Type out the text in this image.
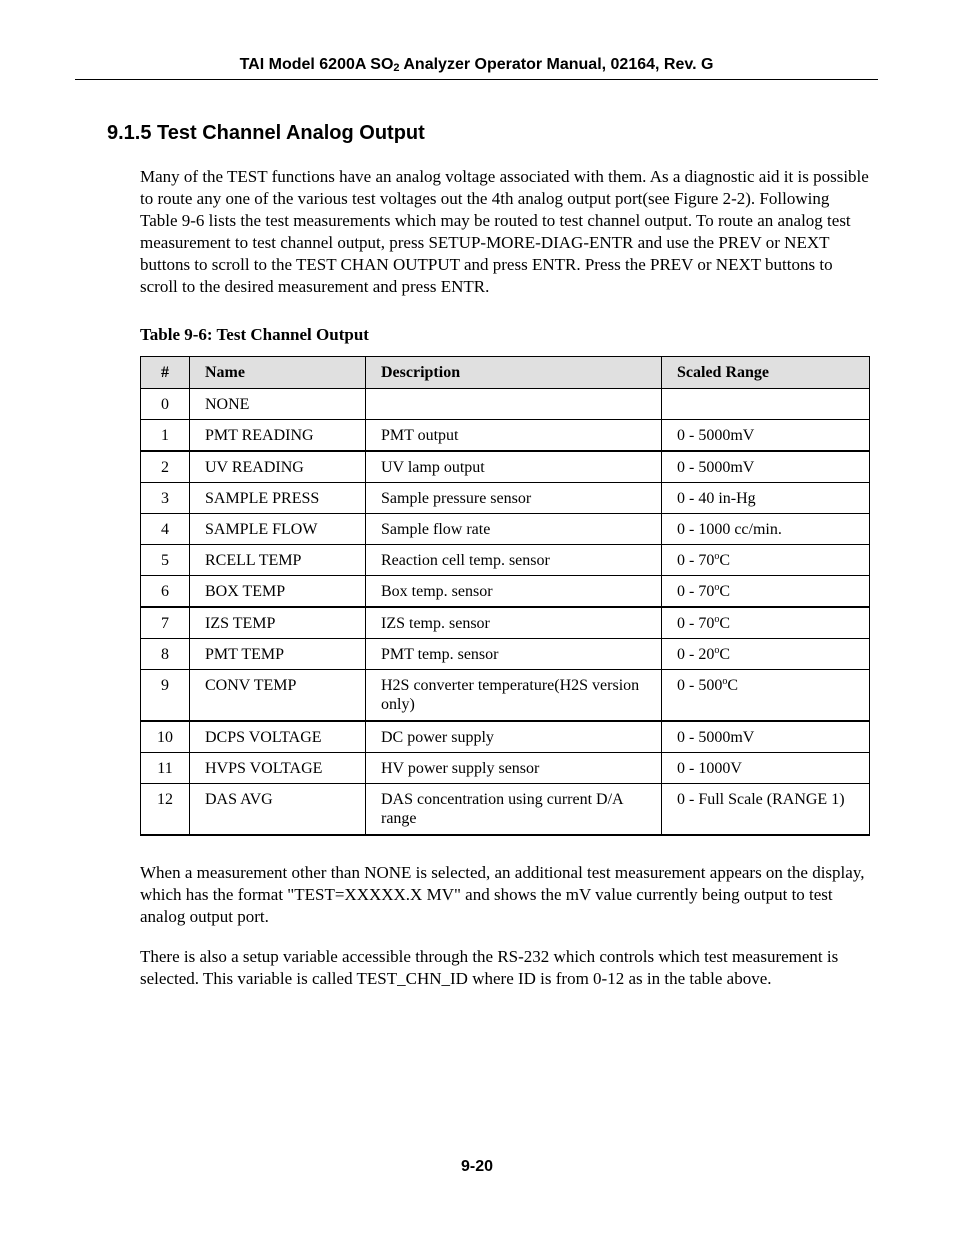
TAI Model 6200A $SO_2$ Analyzer Operator Manual, 02164, Rev. G
9.1.5 Test Channel Analog Output

Many of the TEST functions have an analog voltage associated with them. As a diagnostic aid it is possible to route any one of the various test voltages out the 4th analog output port(see Figure 2-2). Following Table 9-6 lists the test measurements which may be routed to test channel output. To route an analog test measurement to test channel output, press SETUP-MORE-DIAG-ENTR and use the PREV or NEXT buttons to scroll to the TEST CHAN OUTPUT and press ENTR. Press the PREV or NEXT buttons to scroll to the desired measurement and press ENTR.

Table 9-6: Test Channel Output
#	Name	Description	Scaled Range
0	NONE		
1	PMT READING	PMT output	0 - 5000mV
2	UV READING	UV lamp output	0 - 5000mV
3	SAMPLE PRESS	Sample pressure sensor	0 - 40 in-Hg
4	SAMPLE FLOW	Sample flow rate	0 - 1000 cc/min.
5	RCELL TEMP	Reaction cell temp. sensor	0 - 70$^o$C
6	BOX TEMP	Box temp. sensor	0 - 70$^o$C
7	IZS TEMP	IZS temp. sensor	0 - 70$^o$C
8	PMT TEMP	PMT temp. sensor	0 - 20$^o$C
9	CONV TEMP	H2S converter temperature(H2S version only)	0 - 500$^o$C
10	DCPS VOLTAGE	DC power supply	0 - 5000mV
11	HVPS VOLTAGE	HV power supply sensor	0 - 1000V
12	DAS AVG	DAS concentration using current D/A range	0 - Full Scale (RANGE 1)

When a measurement other than NONE is selected, an additional test measurement appears on the display, which has the format "TEST=XXXXX.X MV" and shows the mV value currently being output to test analog output port.

There is also a setup variable accessible through the RS-232 which controls which test measurement is selected. This variable is called TEST_CHN_ID where ID is from 0-12 as in the table above.

9-20
